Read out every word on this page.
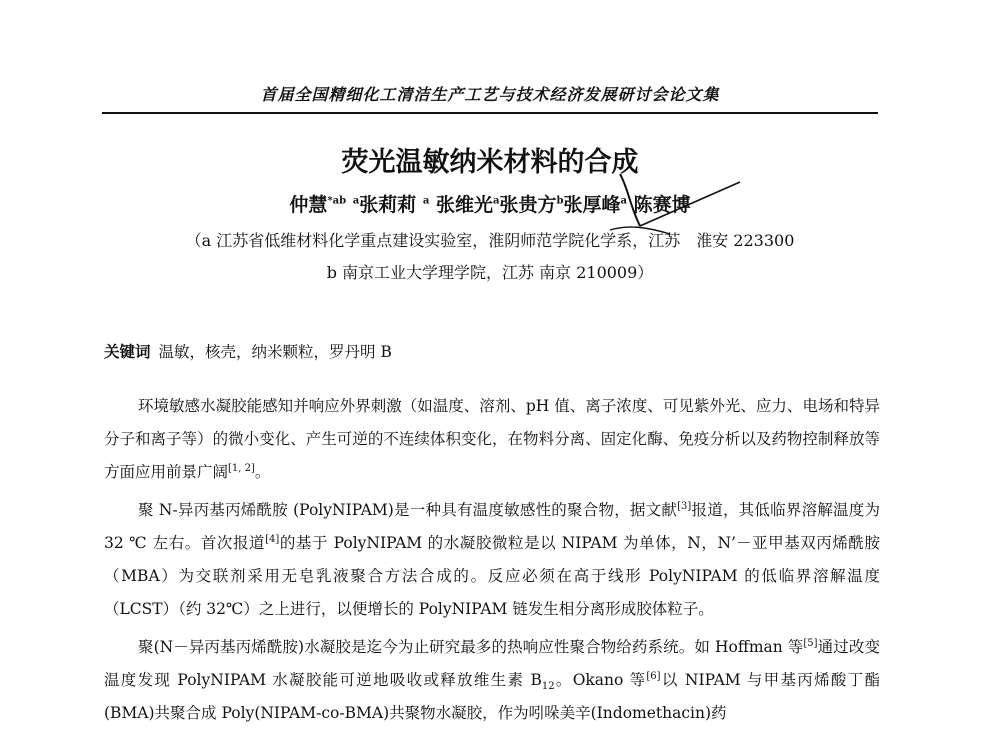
首届全国精细化工清洁生产工艺与技术经济发展研讨会论文集
荧光温敏纳米材料的合成
仲慧$^{*ab}$ $^a$张莉莉 $^a$ 张维光$^a$张贵方$^b$张厚峰$^a$ 陈赛博
（a 江苏省低维材料化学重点建设实验室，淮阴师范学院化学系，江苏　淮安 223300
b 南京工业大学理学院，江苏 南京 210009）
关键词 温敏，核壳，纳米颗粒，罗丹明 B

环境敏感水凝胶能感知并响应外界刺激（如温度、溶剂、pH 值、离子浓度、可见紫外光、应力、电场和特异分子和离子等）的微小变化、产生可逆的不连续体积变化，在物料分离、固定化酶、免疫分析以及药物控制释放等方面应用前景广阔[1, 2]。

聚 N-异丙基丙烯酰胺 (PolyNIPAM)是一种具有温度敏感性的聚合物，据文献[3]报道，其低临界溶解温度为 32 ℃ 左右。首次报道[4]的基于 PolyNIPAM 的水凝胶微粒是以 NIPAM 为单体，N，N’－亚甲基双丙烯酰胺（MBA）为交联剂采用无皂乳液聚合方法合成的。反应必须在高于线形 PolyNIPAM 的低临界溶解温度（LCST）（约 32℃）之上进行，以便增长的 PolyNIPAM 链发生相分离形成胶体粒子。

聚(N－异丙基丙烯酰胺)水凝胶是迄今为止研究最多的热响应性聚合物给药系统。如 Hoffman 等[5]通过改变温度发现 PolyNIPAM 水凝胶能可逆地吸收或释放维生素 $B_{12}$。Okano 等[6]以 NIPAM 与甲基丙烯酸丁酯(BMA)共聚合成 Poly(NIPAM-co-BMA)共聚物水凝胶，作为吲哚美辛(Indomethacin)药
